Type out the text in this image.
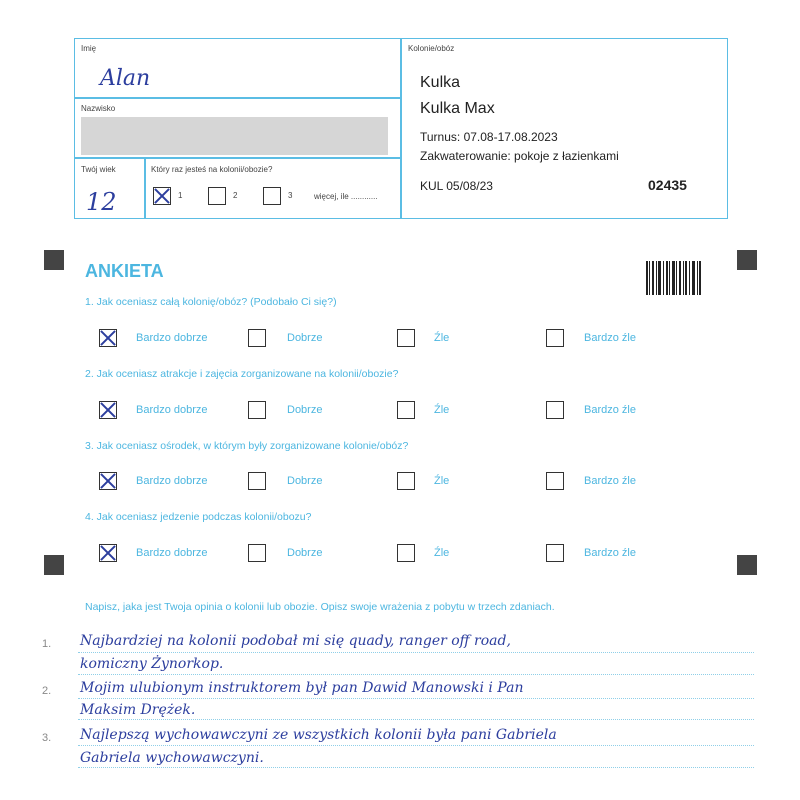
Imię
Alan
Nazwisko
Twój wiek
12
Który raz jesteś na kolonii/obozie?
1	2	3	więcej, ile ............
Kolonie/obóz
Kulka
Kulka Max
Turnus: 07.08-17.08.2023
Zakwaterowanie: pokoje z łazienkami
KUL 05/08/23	02435
ANKIETA
1. Jak oceniasz całą kolonię/obóz? (Podobało Ci się?)
Bardzo dobrze	Dobrze	Źle	Bardzo źle
2. Jak oceniasz atrakcje i zajęcia zorganizowane na kolonii/obozie?
Bardzo dobrze	Dobrze	Źle	Bardzo źle
3. Jak oceniasz ośrodek, w którym były zorganizowane kolonie/obóz?
Bardzo dobrze	Dobrze	Źle	Bardzo źle
4. Jak oceniasz jedzenie podczas kolonii/obozu?
Bardzo dobrze	Dobrze	Źle	Bardzo źle
Napisz, jaka jest Twoja opinia o kolonii lub obozie. Opisz swoje wrażenia z pobytu w trzech zdaniach.
1.
2.
3.
Najbardziej na kolonii podobał mi się quady, ranger off road,
komiczny Żynorkop.
Mojim ulubionym instruktorem był pan Dawid Manowski i Pan
Maksim Drężek.
Najlepszą wychowawczyni ze wszystkich kolonii była pani Gabriela
Gabriela wychowawczyni.
